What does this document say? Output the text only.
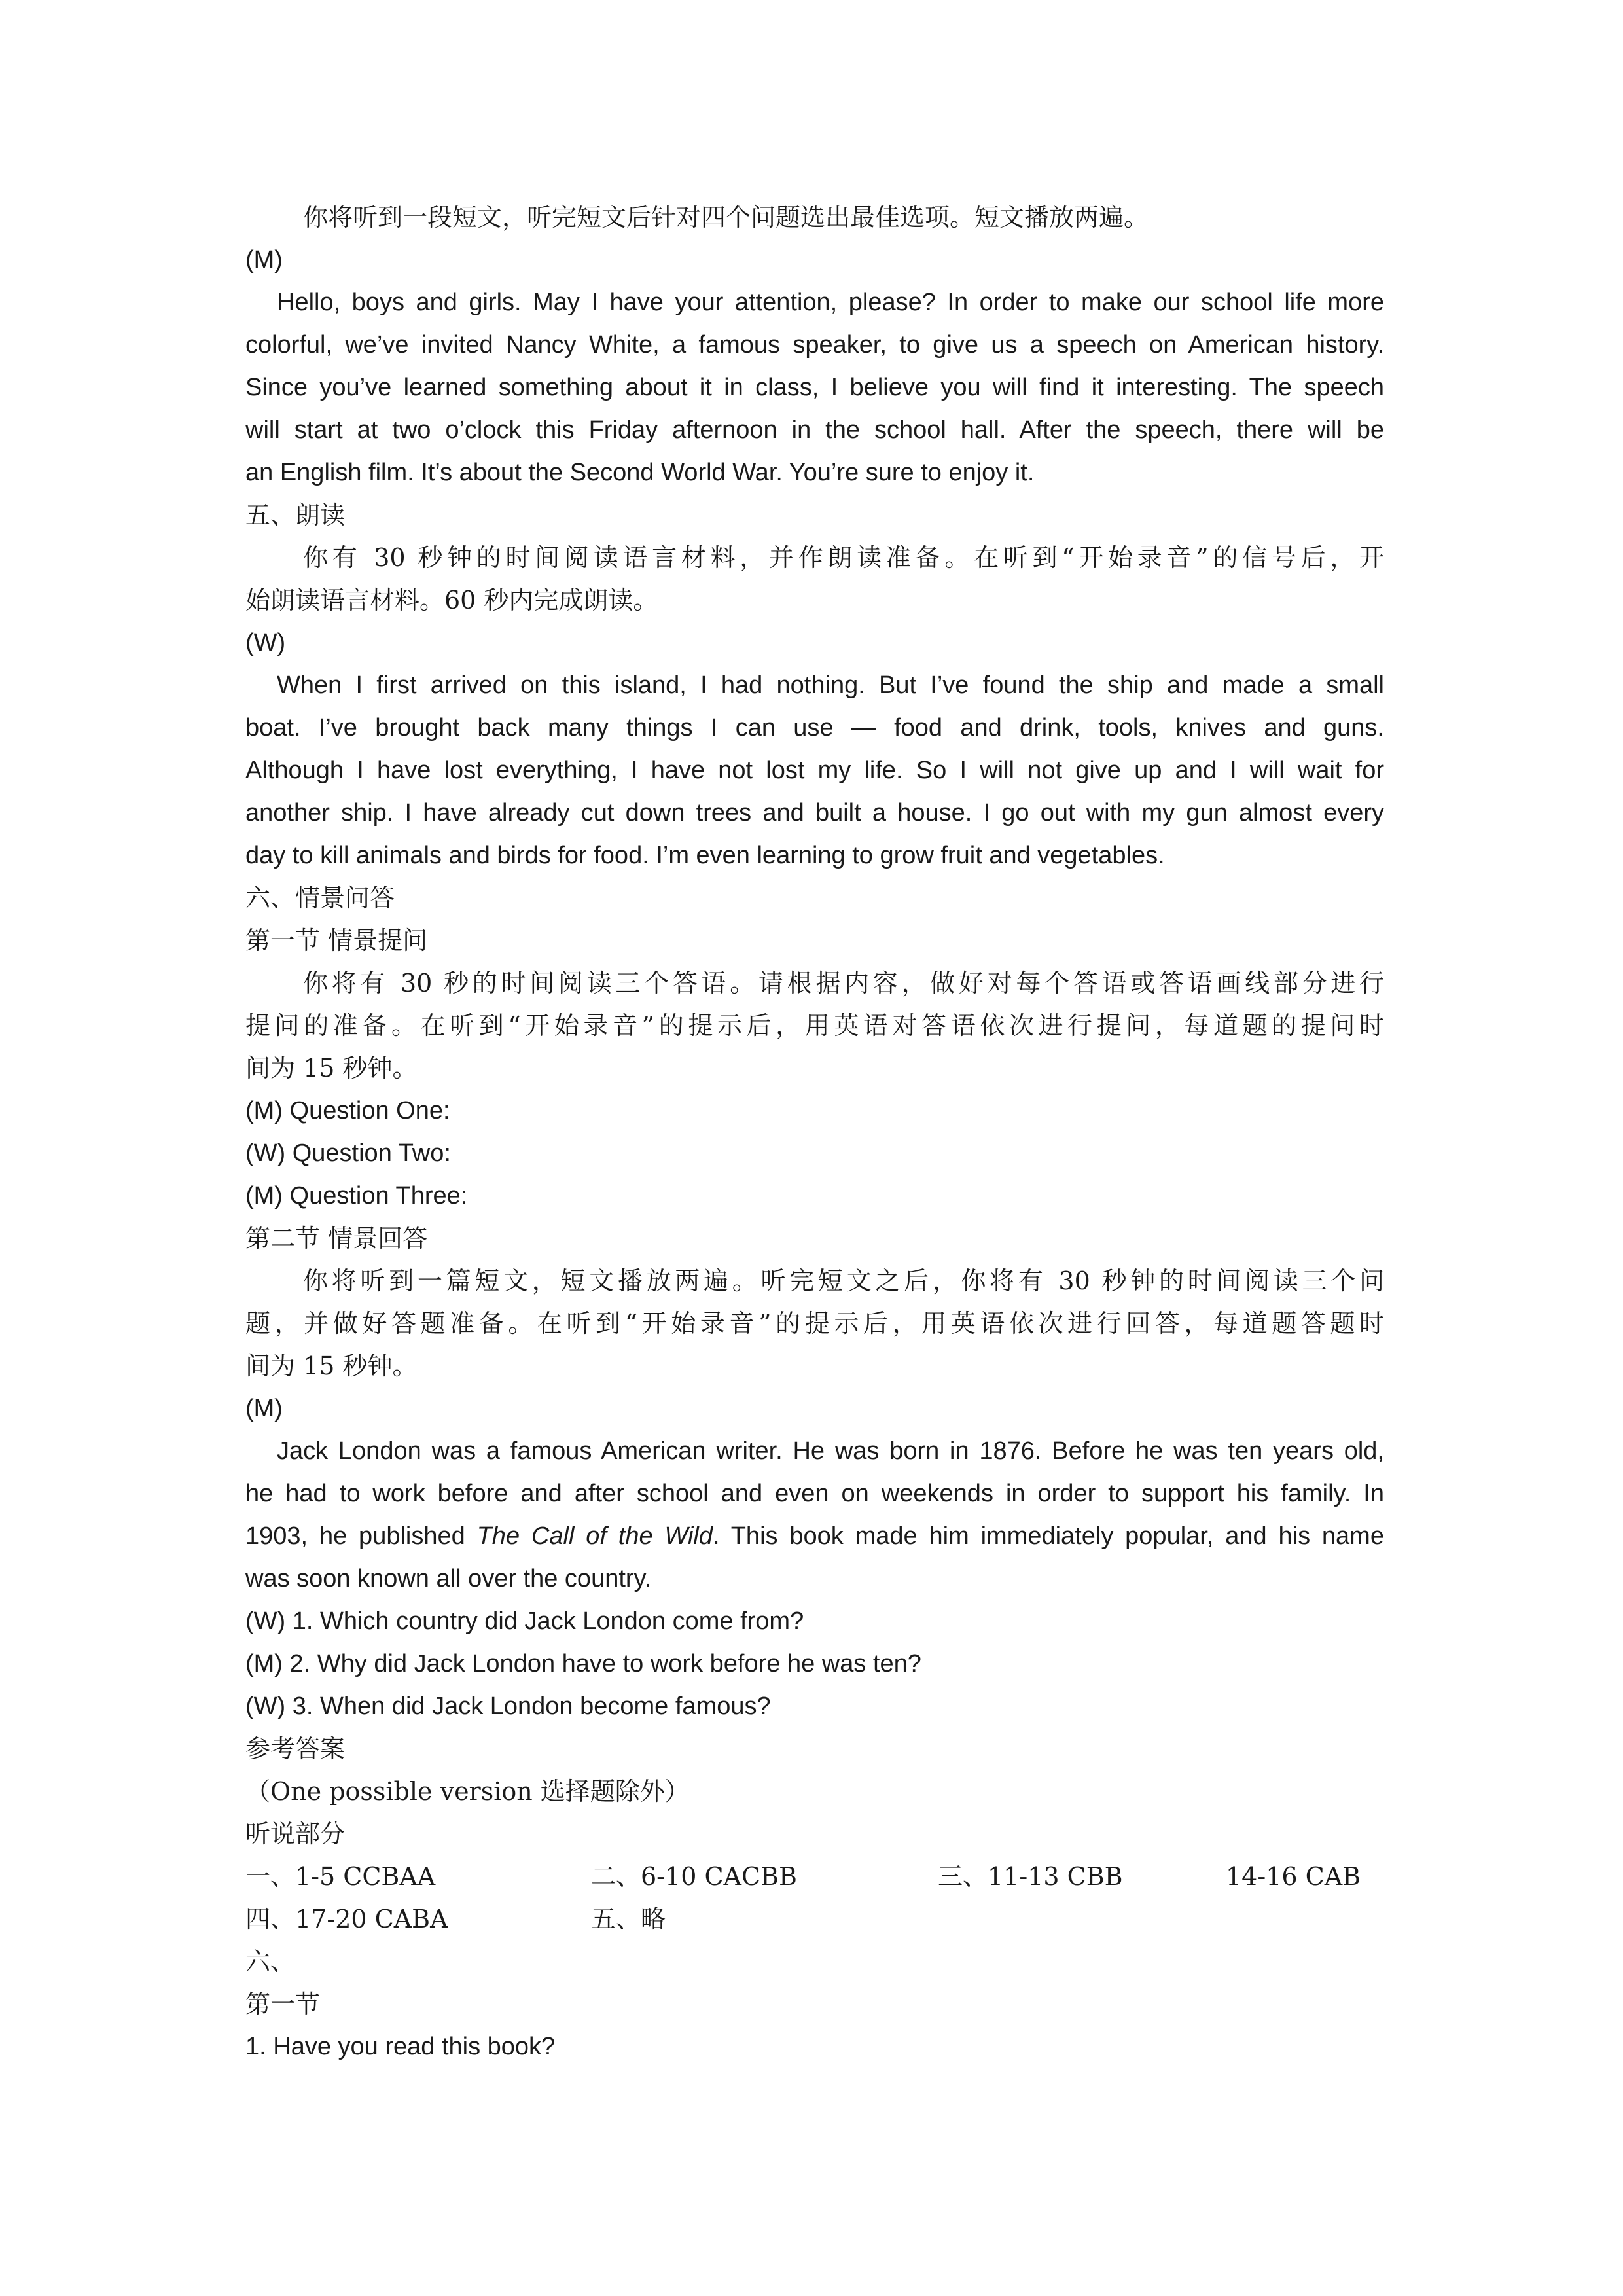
你将听到一段短文，听完短文后针对四个问题选出最佳选项。短文播放两遍。
(M)
Hello, boys and girls. May I have your attention, please? In order to make our school life more
colorful, we’ve invited Nancy White, a famous speaker, to give us a speech on American history.
Since you’ve learned something about it in class, I believe you will find it interesting. The speech
will start at two o’clock this Friday afternoon in the school hall. After the speech, there will be
an English film. It’s about the Second World War. You’re sure to enjoy it.
五、朗读
你有 30 秒钟的时间阅读语言材料，并作朗读准备。在听到“开始录音”的信号后，开
始朗读语言材料。60 秒内完成朗读。
(W)
When I first arrived on this island, I had nothing. But I’ve found the ship and made a small
boat. I’ve brought back many things I can use — food and drink, tools, knives and guns.
Although I have lost everything, I have not lost my life. So I will not give up and I will wait for
another ship. I have already cut down trees and built a house. I go out with my gun almost every
day to kill animals and birds for food. I’m even learning to grow fruit and vegetables.
六、情景问答
第一节 情景提问
你将有 30 秒的时间阅读三个答语。请根据内容，做好对每个答语或答语画线部分进行
提问的准备。在听到“开始录音”的提示后，用英语对答语依次进行提问，每道题的提问时
间为 15 秒钟。
(M) Question One:
(W) Question Two:
(M) Question Three:
第二节 情景回答
你将听到一篇短文，短文播放两遍。听完短文之后，你将有 30 秒钟的时间阅读三个问
题，并做好答题准备。在听到“开始录音”的提示后，用英语依次进行回答，每道题答题时
间为 15 秒钟。
(M)
Jack London was a famous American writer. He was born in 1876. Before he was ten years old,
he had to work before and after school and even on weekends in order to support his family. In
1903, he published The Call of the Wild. This book made him immediately popular, and his name
was soon known all over the country.
(W) 1. Which country did Jack London come from?
(M) 2. Why did Jack London have to work before he was ten?
(W) 3. When did Jack London become famous?
参考答案
（One possible version 选择题除外）
听说部分
一、1-5 CCBAA	二、6-10 CACBB	三、11-13 CBB	14-16 CAB
四、17-20 CABA	五、略
六、
第一节
1. Have you read this book?
